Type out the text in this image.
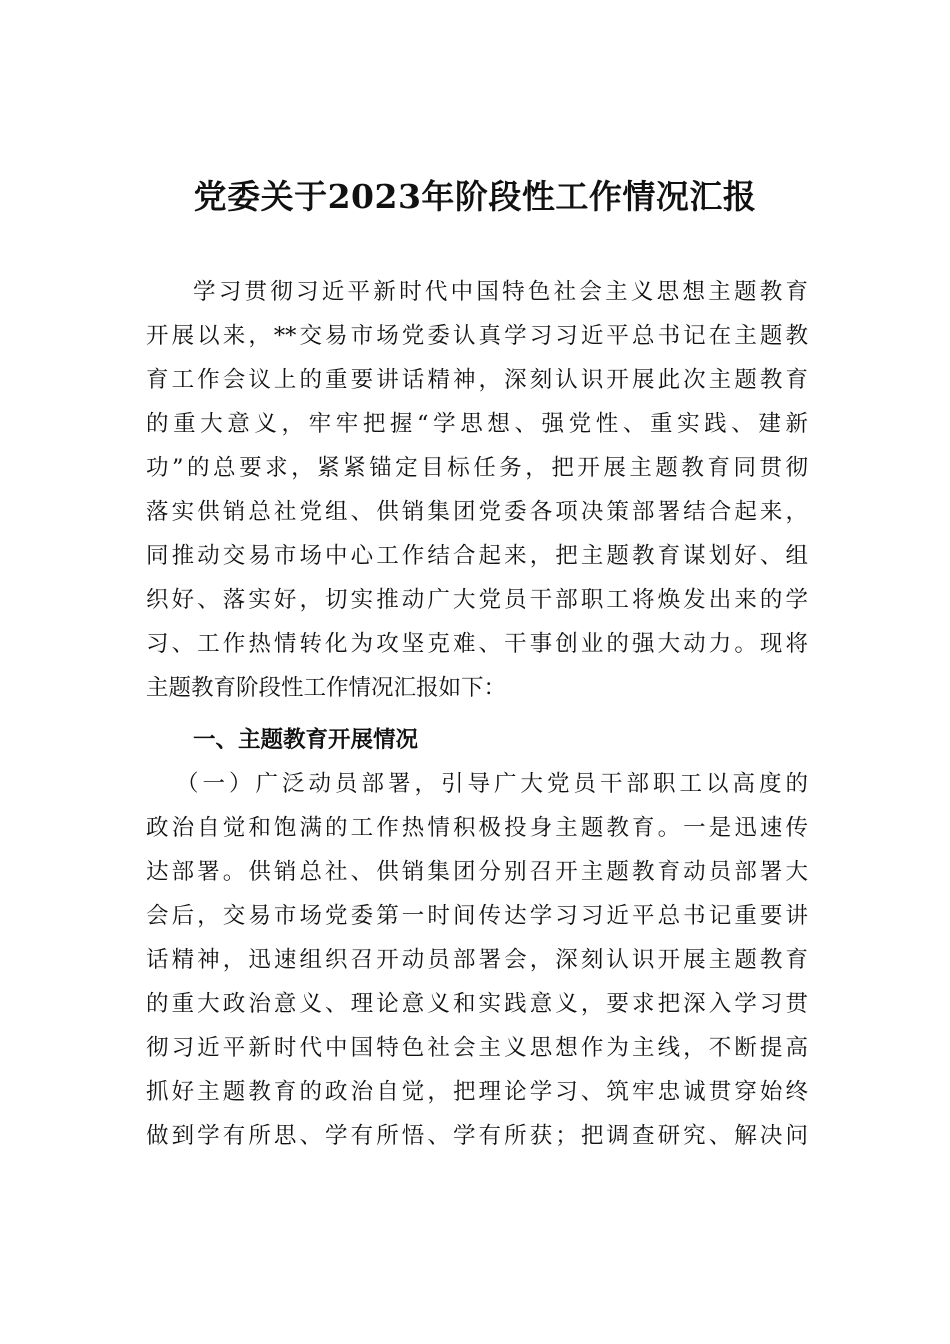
党委关于2023年阶段性工作情况汇报
学习贯彻习近平新时代中国特色社会主义思想主题教育
开展以来，**交易市场党委认真学习习近平总书记在主题教
育工作会议上的重要讲话精神，深刻认识开展此次主题教育
的重大意义，牢牢把握“学思想、强党性、重实践、建新
功”的总要求，紧紧锚定目标任务，把开展主题教育同贯彻
落实供销总社党组、供销集团党委各项决策部署结合起来，
同推动交易市场中心工作结合起来，把主题教育谋划好、组
织好、落实好，切实推动广大党员干部职工将焕发出来的学
习、工作热情转化为攻坚克难、干事创业的强大动力。现将
主题教育阶段性工作情况汇报如下：
一、主题教育开展情况
（一）广泛动员部署，引导广大党员干部职工以高度的
政治自觉和饱满的工作热情积极投身主题教育。一是迅速传
达部署。供销总社、供销集团分别召开主题教育动员部署大
会后，交易市场党委第一时间传达学习习近平总书记重要讲
话精神，迅速组织召开动员部署会，深刻认识开展主题教育
的重大政治意义、理论意义和实践意义，要求把深入学习贯
彻习近平新时代中国特色社会主义思想作为主线，不断提高
抓好主题教育的政治自觉，把理论学习、筑牢忠诚贯穿始终
做到学有所思、学有所悟、学有所获；把调查研究、解决问
